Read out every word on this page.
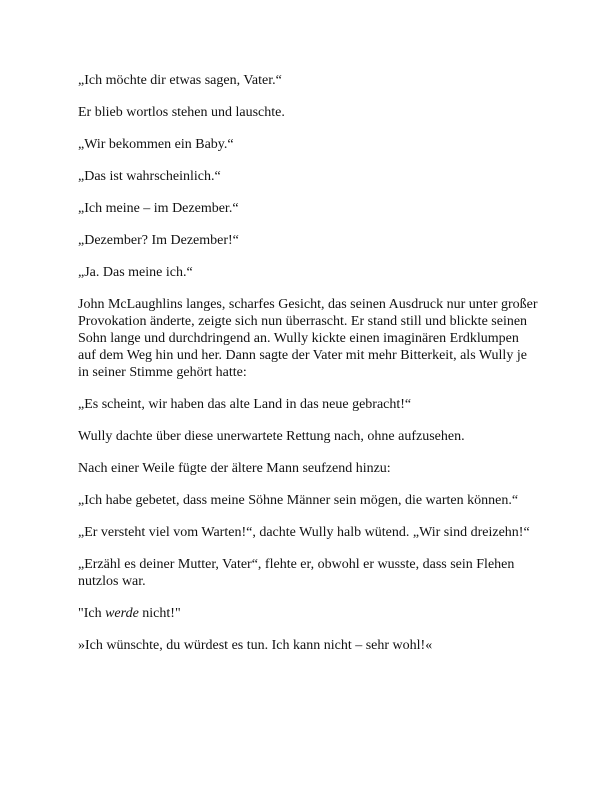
„Ich möchte dir etwas sagen, Vater.“

Er blieb wortlos stehen und lauschte.

„Wir bekommen ein Baby.“

„Das ist wahrscheinlich.“

„Ich meine – im Dezember.“

„Dezember? Im Dezember!“

„Ja. Das meine ich.“

John McLaughlins langes, scharfes Gesicht, das seinen Ausdruck nur unter großer Provokation änderte, zeigte sich nun überrascht. Er stand still und blickte seinen Sohn lange und durchdringend an. Wully kickte einen imaginären Erdklumpen auf dem Weg hin und her. Dann sagte der Vater mit mehr Bitterkeit, als Wully je in seiner Stimme gehört hatte:

„Es scheint, wir haben das alte Land in das neue gebracht!“

Wully dachte über diese unerwartete Rettung nach, ohne aufzusehen.

Nach einer Weile fügte der ältere Mann seufzend hinzu:

„Ich habe gebetet, dass meine Söhne Männer sein mögen, die warten können.“

„Er versteht viel vom Warten!“, dachte Wully halb wütend. „Wir sind dreizehn!“

„Erzähl es deiner Mutter, Vater“, flehte er, obwohl er wusste, dass sein Flehen nutzlos war.

"Ich werde nicht!"

»Ich wünschte, du würdest es tun. Ich kann nicht – sehr wohl!«
